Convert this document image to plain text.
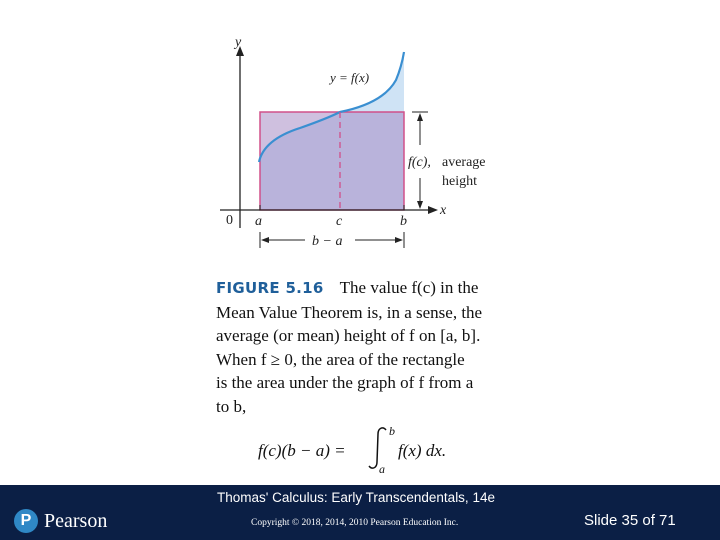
y
x
0 a	c	b
y = f(x)
f(c), average
height
b − a
FIGURE 5.16 The value f(c) in the
Mean Value Theorem is, in a sense, the
average (or mean) height of f on [a, b].
When f ≥ 0, the area of the rectangle
is the area under the graph of f from a
to b,
f(c)(b − a) =
b
a
f(x) dx.
P Pearson
Thomas' Calculus: Early Transcendentals, 14e
Copyright © 2018, 2014, 2010 Pearson Education Inc.	Slide 35 of 71
